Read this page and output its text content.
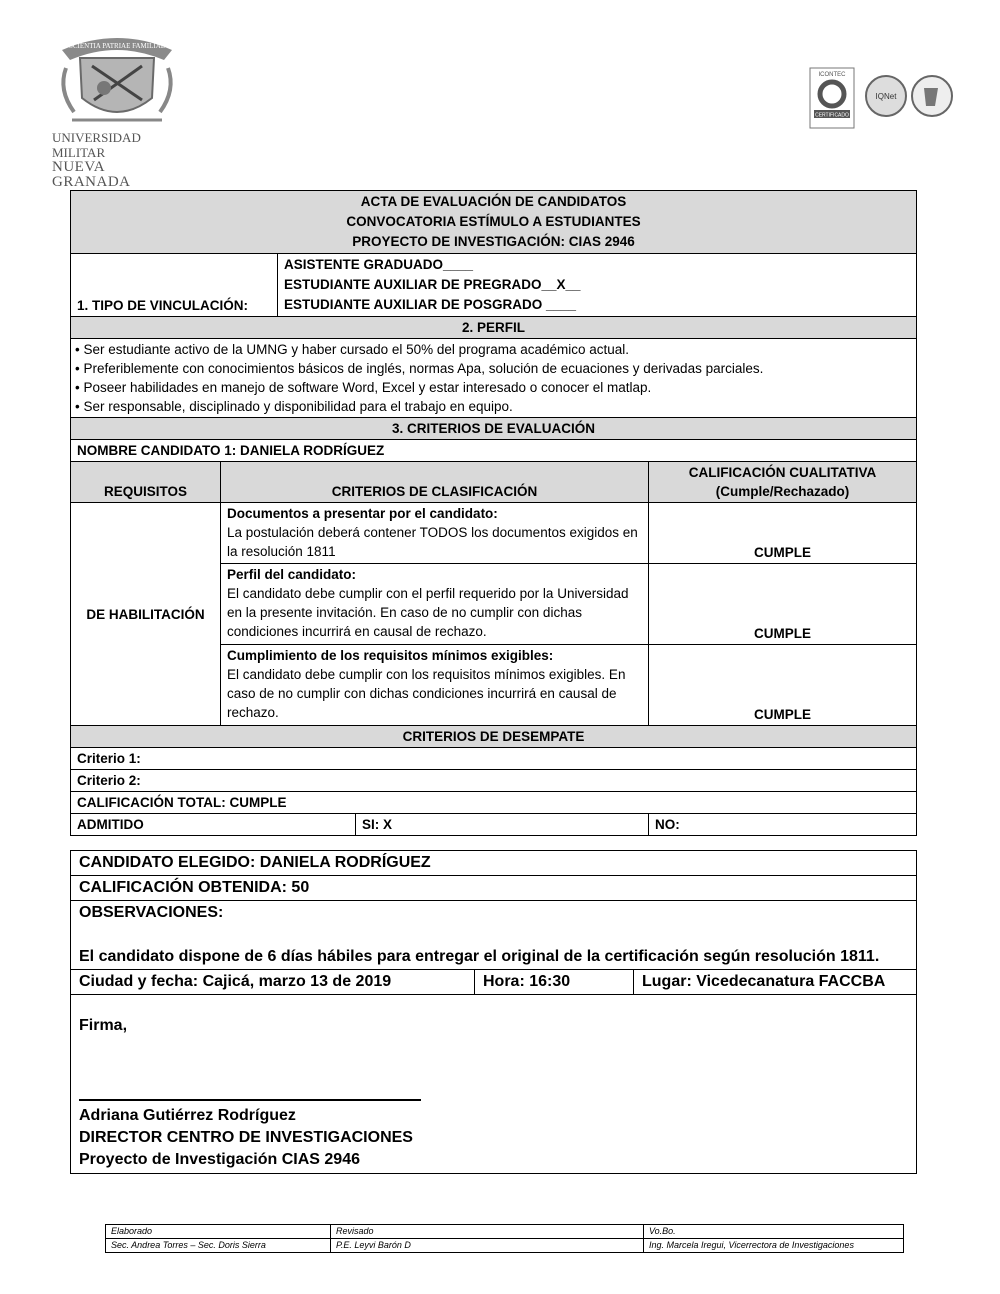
SCIENTIA PATRIAE FAMILIAE
UNIVERSIDAD MILITAR
NUEVA GRANADA
ICONTEC
CERTIFICADO
IQNet
ACTA DE EVALUACIÓN DE CANDIDATOS
CONVOCATORIA ESTÍMULO A ESTUDIANTES
PROYECTO DE INVESTIGACIÓN: CIAS 2946				

1. TIPO DE VINCULACIÓN:		ASISTENTE GRADUADO____
ESTUDIANTE AUXILIAR DE PREGRADO__X__
ESTUDIANTE AUXILIAR DE POSGRADO ____		

2. PERFIL				

• Ser estudiante activo de la UMNG y haber cursado el 50% del programa académico actual.
• Preferiblemente con conocimientos básicos de inglés, normas Apa, solución de ecuaciones y derivadas parciales.
• Poseer habilidades en manejo de software Word, Excel y estar interesado o conocer el matlap.
• Ser responsable, disciplinado y disponibilidad para el trabajo en equipo.				

3. CRITERIOS DE EVALUACIÓN				
NOMBRE CANDIDATO 1: DANIELA RODRÍGUEZ				
REQUISITOS	CRITERIOS DE CLASIFICACIÓN			CALIFICACIÓN CUALITATIVA
(Cumple/Rechazado)

DE HABILITACIÓN	Documentos a presentar por el candidato:
La postulación deberá contener TODOS los documentos exigidos en la resolución 1811			CUMPLE

	Perfil del candidato:
El candidato debe cumplir con el perfil requerido por la Universidad en la presente invitación. En caso de no cumplir con dichas condiciones incurrirá en causal de rechazo.			CUMPLE

	Cumplimiento de los requisitos mínimos exigibles:
El candidato debe cumplir con los requisitos mínimos exigibles. En caso de no cumplir con dichas condiciones incurrirá en causal de rechazo.			CUMPLE
CRITERIOS DE DESEMPATE				
Criterio 1:				
Criterio 2:				
CALIFICACIÓN TOTAL: CUMPLE				
ADMITIDO			SI: X	NO:
CANDIDATO ELEGIDO: DANIELA RODRÍGUEZ
CALIFICACIÓN OBTENIDA: 50

OBSERVACIONES:
El candidato dispone de 6 días hábiles para entregar el original de la certificación según resolución 1811.

Ciudad y fecha: Cajicá, marzo 13 de 2019	Hora: 16:30	Lugar: Vicedecanatura FACCBA

Firma,
Adriana Gutiérrez Rodríguez
DIRECTOR CENTRO DE INVESTIGACIONES
Proyecto de Investigación CIAS 2946
Elaborado	Revisado	Vo.Bo.
Sec. Andrea Torres – Sec. Doris Sierra	P.E. Leyvi Barón D	Ing. Marcela Iregui, Vicerrectora de Investigaciones
